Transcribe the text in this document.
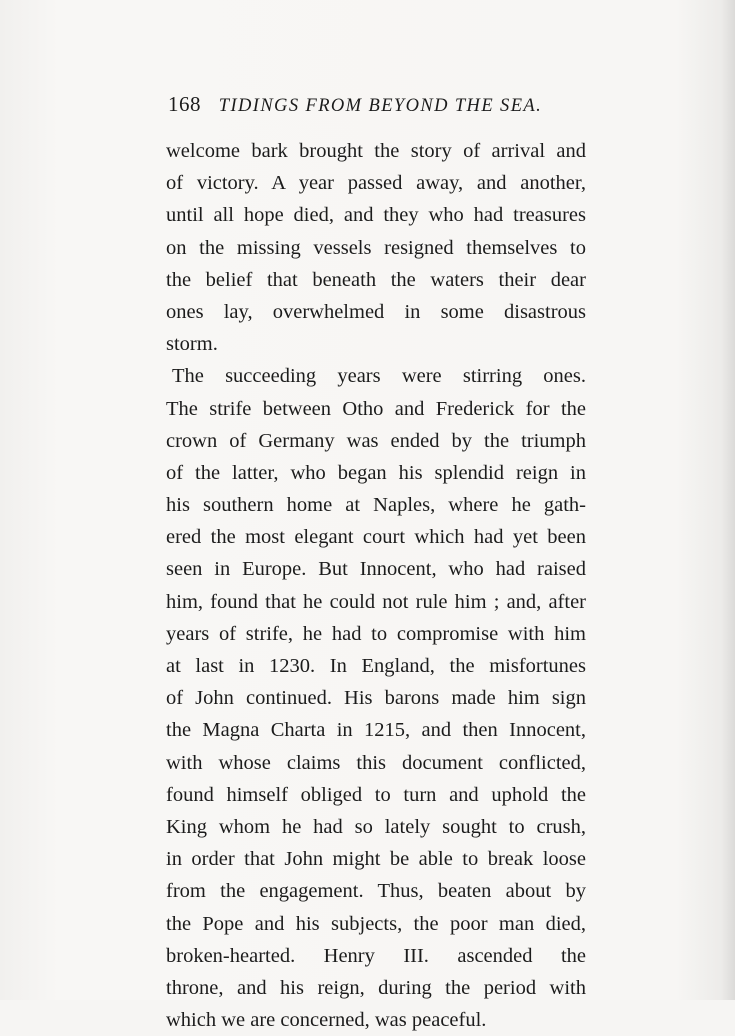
168 TIDINGS FROM BEYOND THE SEA.
welcome bark brought the story of arrival and
of victory. A year passed away, and another,
until all hope died, and they who had treasures
on the missing vessels resigned themselves to
the belief that beneath the waters their dear
ones lay, overwhelmed in some disastrous
storm.
The succeeding years were stirring ones.
The strife between Otho and Frederick for the
crown of Germany was ended by the triumph
of the latter, who began his splendid reign in
his southern home at Naples, where he gath-
ered the most elegant court which had yet been
seen in Europe. But Innocent, who had raised
him, found that he could not rule him ; and, after
years of strife, he had to compromise with him
at last in 1230. In England, the misfortunes
of John continued. His barons made him sign
the Magna Charta in 1215, and then Innocent,
with whose claims this document conflicted,
found himself obliged to turn and uphold the
King whom he had so lately sought to crush,
in order that John might be able to break loose
from the engagement. Thus, beaten about by
the Pope and his subjects, the poor man died,
broken-hearted. Henry III. ascended the
throne, and his reign, during the period with
which we are concerned, was peaceful.
